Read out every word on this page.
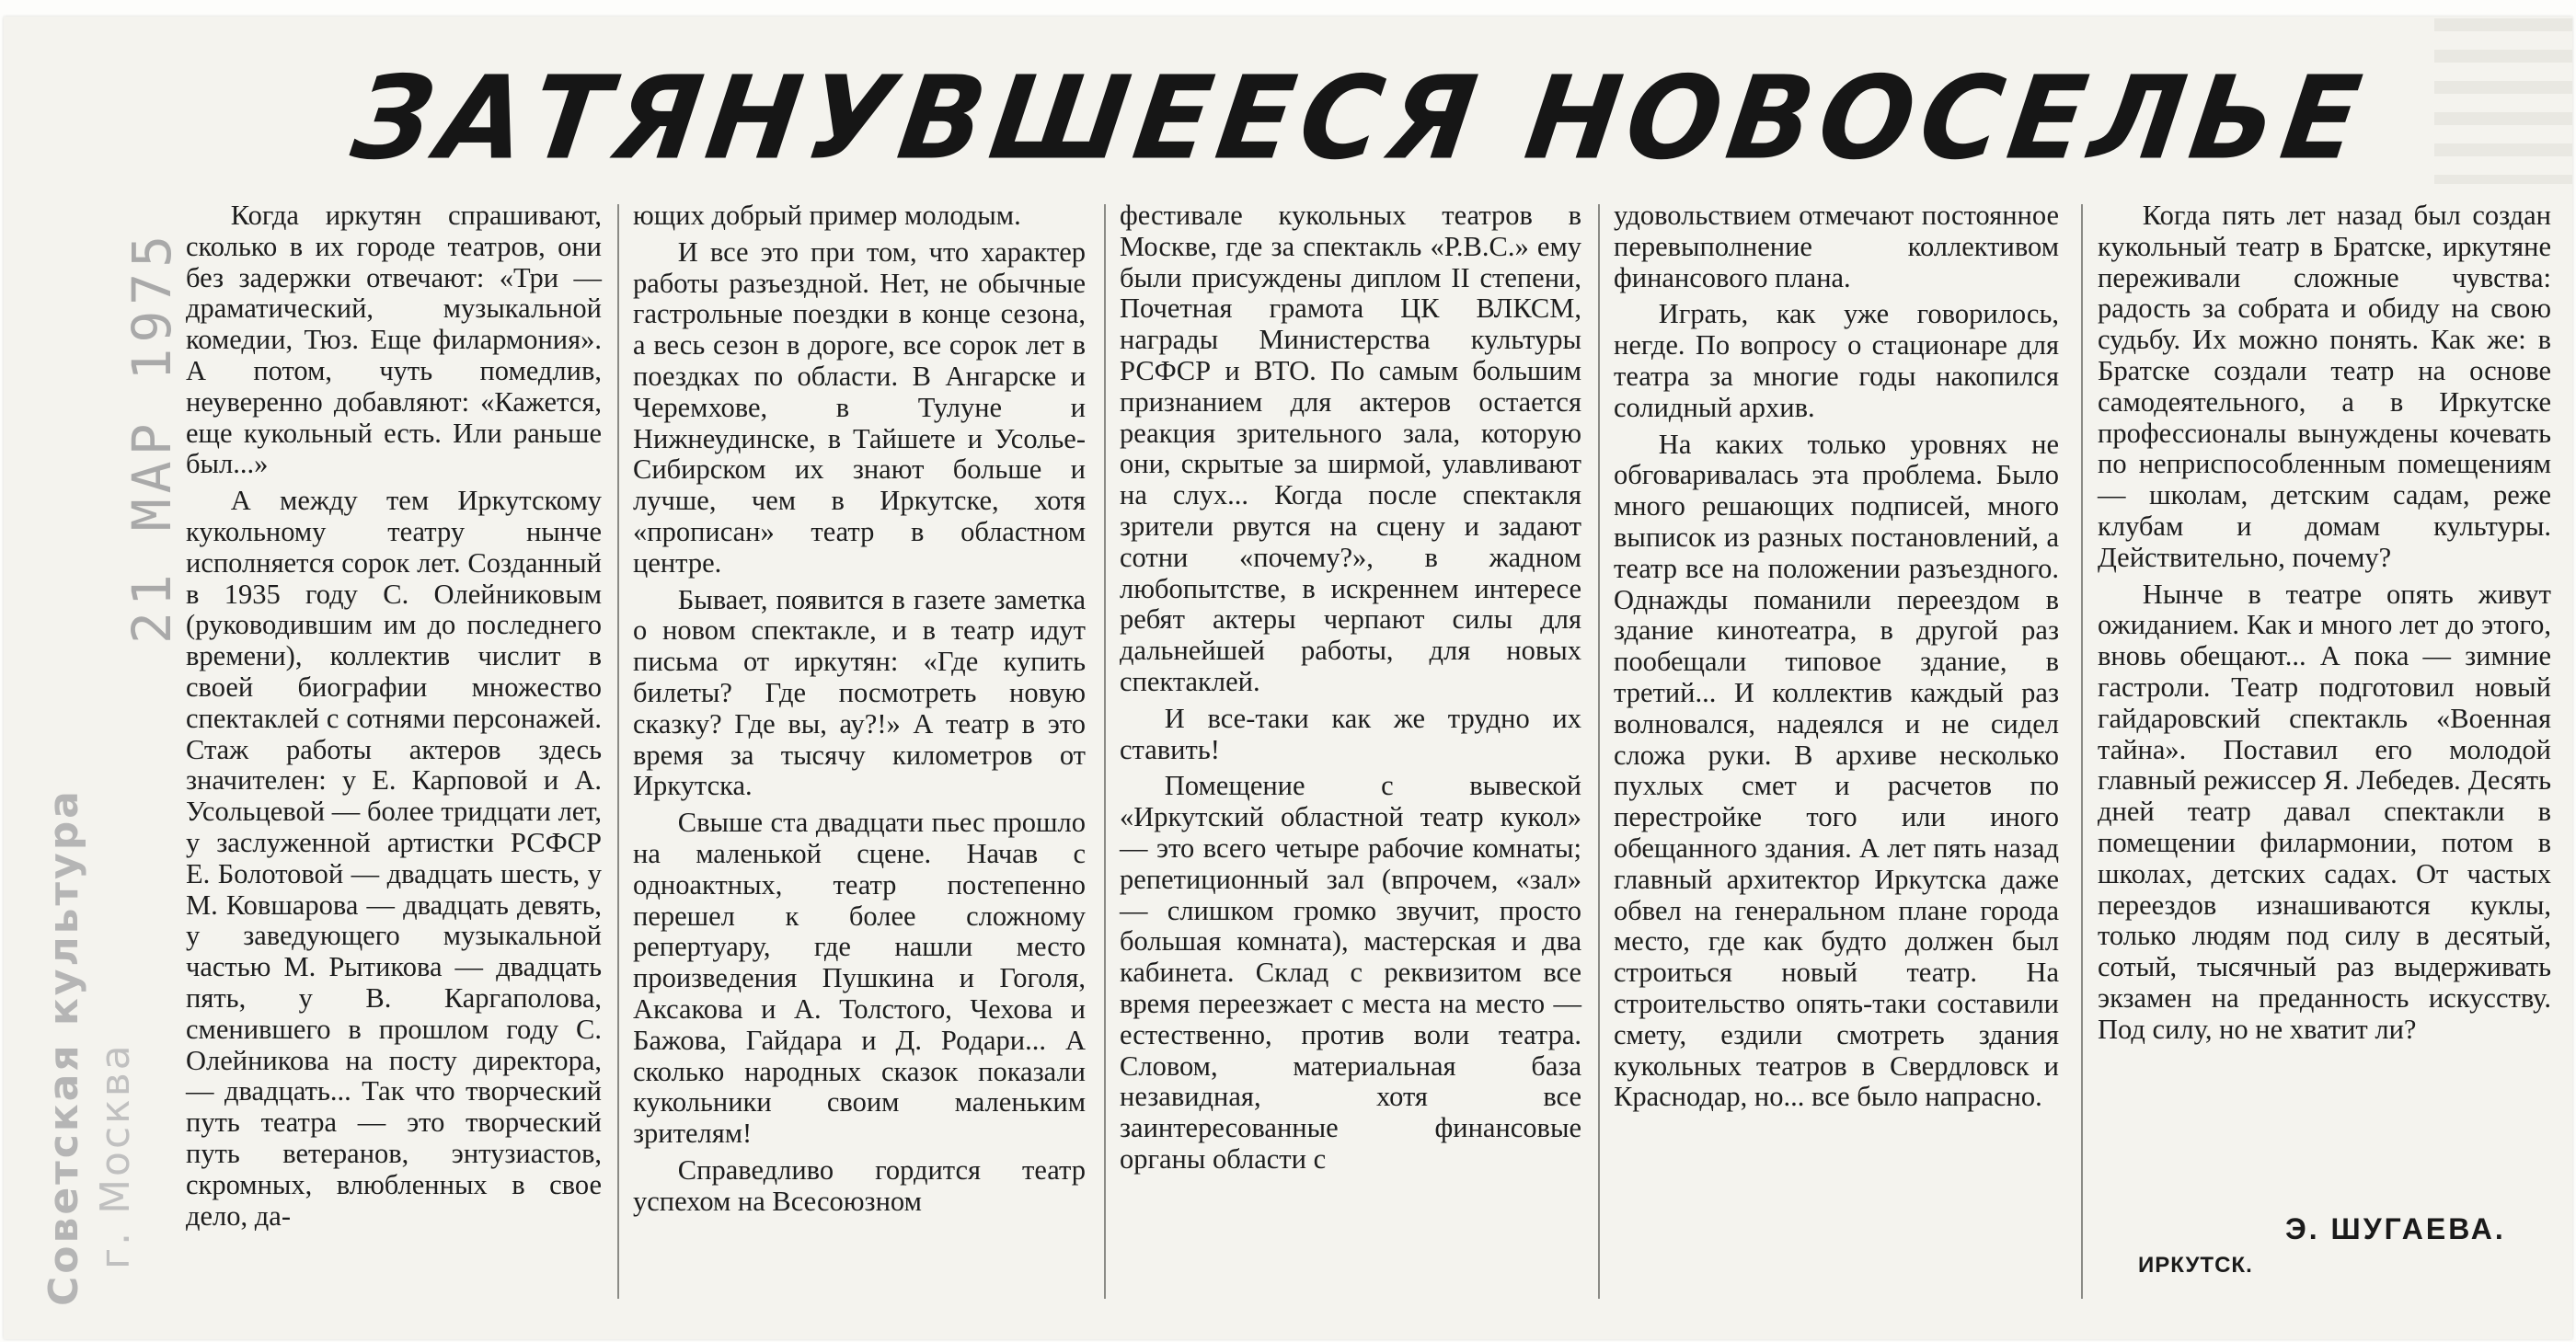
ЗАТЯНУВШЕЕСЯ НОВОСЕЛЬЕ

Когда иркутян спрашивают, сколько в их городе театров, они без задержки отвечают: «Три — драматический, музыкальной комедии, Тюз. Еще филармония». А потом, чуть помедлив, неуверенно добавляют: «Кажется, еще кукольный есть. Или раньше был...»

А между тем Иркутскому кукольному театру нынче исполняется сорок лет. Созданный в 1935 году С. Олейниковым (руководившим им до последнего времени), коллектив числит в своей биографии множество спектаклей с сотнями персонажей. Стаж работы актеров здесь значителен: у Е. Карповой и А. Усольцевой — более тридцати лет, у заслуженной артистки РСФСР Е. Болотовой — двадцать шесть, у М. Ковшарова — двадцать девять, у заведующего музыкальной частью М. Рытикова — двадцать пять, у В. Каргаполова, сменившего в прошлом году С. Олейникова на посту директора,— двадцать... Так что творческий путь театра — это творческий путь ветеранов, энтузиастов, скромных, влюбленных в свое дело, да-

ющих добрый пример молодым.

И все это при том, что характер работы разъездной. Нет, не обычные гастрольные поездки в конце сезона, а весь сезон в дороге, все сорок лет в поездках по области. В Ангарске и Черемхове, в Тулуне и Нижнеудинске, в Тайшете и Усолье-Сибирском их знают больше и лучше, чем в Иркутске, хотя «прописан» театр в областном центре.

Бывает, появится в газете заметка о новом спектакле, и в театр идут письма от иркутян: «Где купить билеты? Где посмотреть новую сказку? Где вы, ау?!» А театр в это время за тысячу километров от Иркутска.

Свыше ста двадцати пьес прошло на маленькой сцене. Начав с одноактных, театр постепенно перешел к более сложному репертуару, где нашли место произведения Пушкина и Гоголя, Аксакова и А. Толстого, Чехова и Бажова, Гайдара и Д. Родари... А сколько народных сказок показали кукольники своим маленьким зрителям!

Справедливо гордится театр успехом на Всесоюзном

фестивале кукольных театров в Москве, где за спектакль «Р.В.С.» ему были присуждены диплом II степени, Почетная грамота ЦК ВЛКСМ, награды Министерства культуры РСФСР и ВТО. По самым большим признанием для актеров остается реакция зрительного зала, которую они, скрытые за ширмой, улавливают на слух... Когда после спектакля зрители рвутся на сцену и задают сотни «почему?», в жадном любопытстве, в искреннем интересе ребят актеры черпают силы для дальнейшей работы, для новых спектаклей.

И все-таки как же трудно их ставить!

Помещение с вывеской «Иркутский областной театр кукол» — это всего четыре рабочие комнаты; репетиционный зал (впрочем, «зал» — слишком громко звучит, просто большая комната), мастерская и два кабинета. Склад с реквизитом все время переезжает с места на место — естественно, против воли театра. Словом, материальная база незавидная, хотя все заинтересованные финансовые органы области с

удовольствием отмечают постоянное перевыполнение коллективом финансового плана.

Играть, как уже говорилось, негде. По вопросу о стационаре для театра за многие годы накопился солидный архив.

На каких только уровнях не обговаривалась эта проблема. Было много решающих подписей, много выписок из разных постановлений, а театр все на положении разъездного. Однажды поманили переездом в здание кинотеатра, в другой раз пообещали типовое здание, в третий... И коллектив каждый раз волновался, надеялся и не сидел сложа руки. В архиве несколько пухлых смет и расчетов по перестройке того или иного обещанного здания. А лет пять назад главный архитектор Иркутска даже обвел на генеральном плане города место, где как будто должен был строиться новый театр. На строительство опять-таки составили смету, ездили смотреть здания кукольных театров в Свердловск и Краснодар, но... все было напрасно.

Когда пять лет назад был создан кукольный театр в Братске, иркутяне переживали сложные чувства: радость за собрата и обиду на свою судьбу. Их можно понять. Как же: в Братске создали театр на основе самодеятельного, а в Иркутске профессионалы вынуждены кочевать по неприспособленным помещениям — школам, детским садам, реже клубам и домам культуры. Действительно, почему?

Нынче в театре опять живут ожиданием. Как и много лет до этого, вновь обещают... А пока — зимние гастроли. Театр подготовил новый гайдаровский спектакль «Военная тайна». Поставил его молодой главный режиссер Я. Лебедев. Десять дней театр давал спектакли в помещении филармонии, потом в школах, детских садах. От частых переездов изнашиваются куклы, только людям под силу в десятый, сотый, тысячный раз выдерживать экзамен на преданность искусству. Под силу, но не хватит ли?

Э. ШУГАЕВА.
ИРКУТСК.
21 МАР 1975
Советская культура г. Москва
